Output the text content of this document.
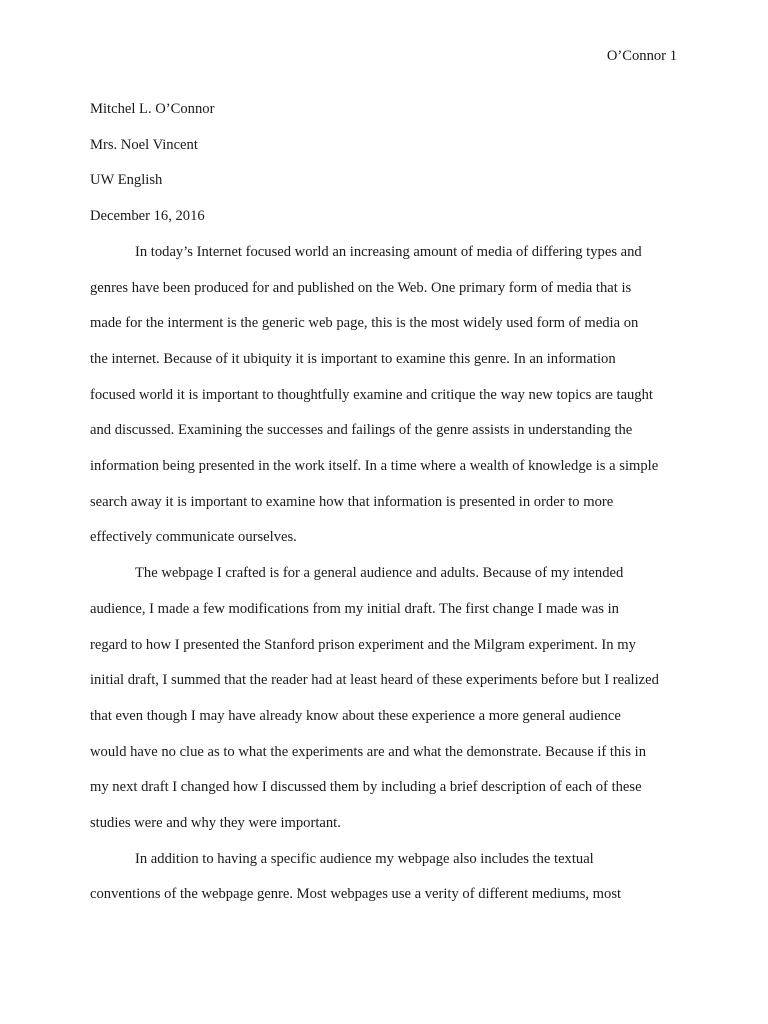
O’Connor 1
Mitchel L. O’Connor
Mrs. Noel Vincent
UW English
December 16, 2016

In today’s Internet focused world an increasing amount of media of differing types and
genres have been produced for and published on the Web. One primary form of media that is
made for the interment is the generic web page, this is the most widely used form of media on
the internet. Because of it ubiquity it is important to examine this genre. In an information
focused world it is important to thoughtfully examine and critique the way new topics are taught
and discussed. Examining the successes and failings of the genre assists in understanding the
information being presented in the work itself. In a time where a wealth of knowledge is a simple
search away it is important to examine how that information is presented in order to more
effectively communicate ourselves.

The webpage I crafted is for a general audience and adults. Because of my intended
audience, I made a few modifications from my initial draft. The first change I made was in
regard to how I presented the Stanford prison experiment and the Milgram experiment. In my
initial draft, I summed that the reader had at least heard of these experiments before but I realized
that even though I may have already know about these experience a more general audience
would have no clue as to what the experiments are and what the demonstrate. Because if this in
my next draft I changed how I discussed them by including a brief description of each of these
studies were and why they were important.

In addition to having a specific audience my webpage also includes the textual
conventions of the webpage genre. Most webpages use a verity of different mediums, most
